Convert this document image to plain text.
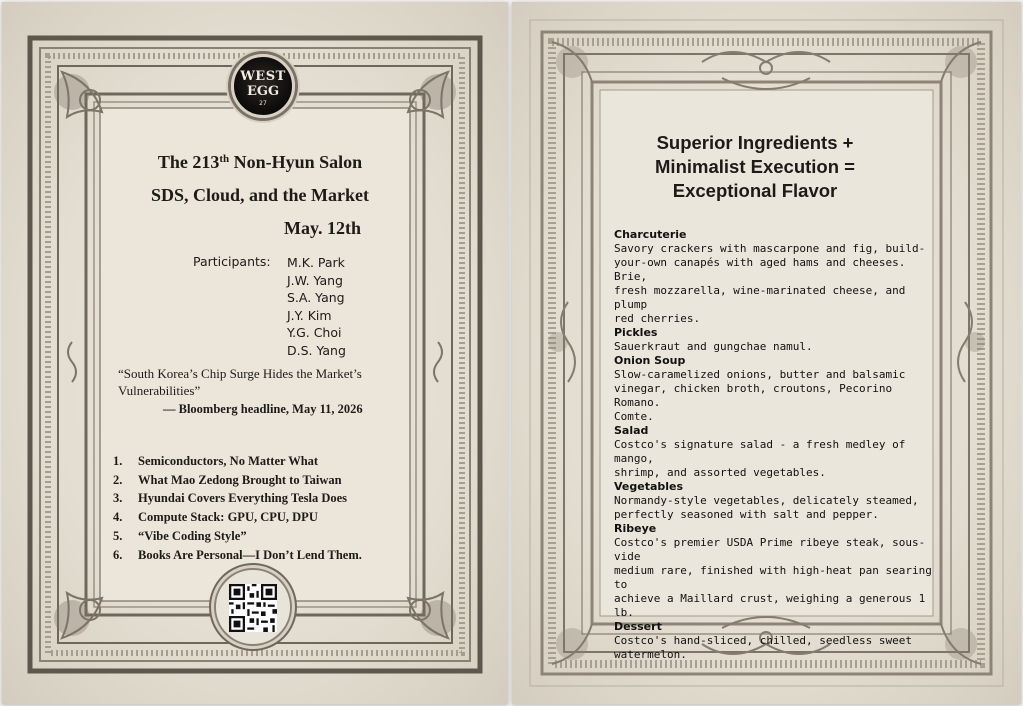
WEST
EGG
27
The 213th Non-Hyun Salon
SDS, Cloud, and the Market
May. 12th
Participants: M.K. Park
J.W. Yang
S.A. Yang
J.Y. Kim
Y.G. Choi
D.S. Yang
“South Korea’s Chip Surge Hides the Market’s Vulnerabilities”
— Bloomberg headline, May 11, 2026
1. Semiconductors, No Matter What
2. What Mao Zedong Brought to Taiwan
3. Hyundai Covers Everything Tesla Does
4. Compute Stack: GPU, CPU, DPU
5. “Vibe Coding Style”
6. Books Are Personal—I Don’t Lend Them.
Superior Ingredients +
Minimalist Execution =
Exceptional Flavor
Charcuterie
Savory crackers with mascarpone and fig, build-
your-own canapés with aged hams and cheeses. Brie,
fresh mozzarella, wine-marinated cheese, and plump
red cherries.
Pickles
Sauerkraut and gungchae namul.
Onion Soup
Slow-caramelized onions, butter and balsamic
vinegar, chicken broth, croutons, Pecorino Romano.
Comte.
Salad
Costco's signature salad - a fresh medley of mango,
shrimp, and assorted vegetables.
Vegetables
Normandy-style vegetables, delicately steamed,
perfectly seasoned with salt and pepper.
Ribeye
Costco's premier USDA Prime ribeye steak, sous-vide
medium rare, finished with high-heat pan searing to
achieve a Maillard crust, weighing a generous 1 lb.
Dessert
Costco's hand-sliced, chilled, seedless sweet
watermelon.
